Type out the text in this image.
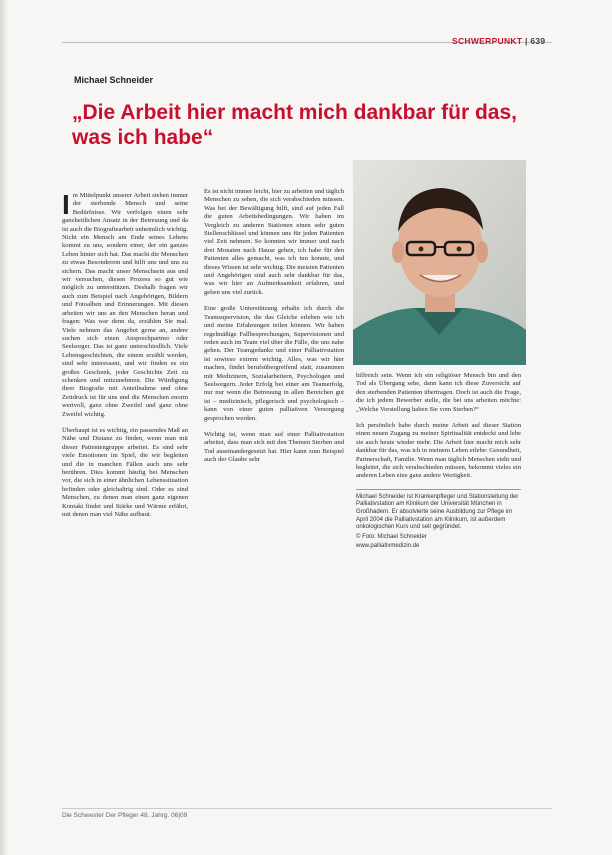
SCHWERPUNKT | 639
Michael Schneider
„Die Arbeit hier macht mich dankbar für das, was ich habe“

Im Mittelpunkt unserer Arbeit stehen immer der sterbende Mensch und seine Bedürfnisse. Wir verfolgen einen sehr ganzheitlichen Ansatz in der Betreuung und da ist auch die Biografiearbeit unheimlich wichtig. Nicht ein Mensch am Ende seines Lebens kommt zu uns, sondern einer, der ein ganzes Leben hinter sich hat. Das macht die Menschen zu etwas Besonderem und hilft uns und uns zu sichern. Das macht unser Menschsein aus und wir versuchen, diesen Prozess so gut wie möglich zu unterstützen. Deshalb fragen wir auch zum Beispiel nach Angehörigen, Bildern und Fotoalben und Erinnerungen. Mit diesen arbeiten wir uns an den Menschen heran und fragen: Was war denn da, erzählen Sie mal. Viele nehmen das Angebot gerne an, andere suchen sich einen Ansprechpartner oder Seelsorger. Das ist ganz unterschiedlich. Viele Lebensgeschichten, die einem erzählt werden, sind sehr interessant, und wir finden es ein großes Geschenk, jeder Geschichte Zeit zu schenken und mitzunehmen. Die Würdigung ihrer Biografie mit Anteilnahme und ohne Zeitdruck ist für uns und die Menschen enorm wertvoll, ganz ohne Zweifel und ganz ohne Zweifel wichtig.

Überhaupt ist es wichtig, ein passendes Maß an Nähe und Distanz zu finden, wenn man mit dieser Patientengruppe arbeitet. Es sind sehr viele Emotionen im Spiel, die wir begleiten und die in manchen Fällen auch uns sehr berühren. Dies kommt häufig bei Menschen vor, die sich in einer ähnlichen Lebenssituation befinden oder gleichaltrig sind. Oder es sind Menschen, zu denen man einen ganz eigenen Kontakt findet und Stärke und Wärme erfährt, mit denen man viel Nähe aufbaut.

Es ist nicht immer leicht, hier zu arbeiten und täglich Menschen zu sehen, die sich verabschieden müssen. Was bei der Bewältigung hilft, sind auf jeden Fall die guten Arbeitsbedingungen. Wir haben im Vergleich zu anderen Stationen einen sehr guten Stellenschlüssel und können uns für jeden Patienten viel Zeit nehmen. So konnten wir immer und nach drei Monaten nach Hause gehen, ich habe für den Patienten alles gemacht, was ich tun konnte, und dieses Wissen ist sehr wichtig. Die meisten Patienten und Angehörigen sind auch sehr dankbar für das, was wir hier an Aufmerksamkeit erfahren, und geben uns viel zurück.

Eine große Unterstützung erhalte ich durch die Teamsupervision, die das Gleiche erleben wie ich und meine Erfahrungen teilen können. Wir haben regelmäßige Fallbesprechungen, Supervisionen und reden auch im Team viel über die Fälle, die uns nahe gehen. Der Teamgedanke und einer Palliativstation ist sowieso extrem wichtig. Alles, was wir hier machen, findet berufsübergreifend statt, zusammen mit Medizinern, Sozialarbeitern, Psychologen und Seelsorgern. Jeder Erfolg bei einer am Teamerfolg, nur nur wenn die Betreuung in allen Bereichen gut ist – medizinisch, pflegerisch und psychologisch – kann von einer guten palliativen Versorgung gesprochen werden.

Wichtig ist, wenn man auf einer Palliativstation arbeitet, dass man sich mit den Themen Sterben und Tod auseinandergesetzt hat. Hier kann zum Beispiel auch der Glaube sehr

hilfreich sein. Wenn ich ein religiöser Mensch bin und den Tod als Übergang sehe, dann kann ich diese Zuversicht auf den sterbenden Patienten übertragen. Doch ist auch die Frage, die ich jedem Bewerber stelle, die bei uns arbeiten möchte: „Welche Vorstellung haben Sie vom Sterben?“

Ich persönlich habe durch meine Arbeit auf dieser Station einen neuen Zugang zu meiner Spiritualität entdeckt und lebe sie auch heute wieder mehr. Die Arbeit hier macht mich sehr dankbar für das, was ich in meinem Leben erlebe: Gesundheit, Partnerschaft, Familie. Wenn man täglich Menschen sieht und begleitet, die sich verabschieden müssen, bekommt vieles ein anderen Leben eine ganz andere Wertigkeit.

Michael Schneider ist Krankenpfleger und Stationsleitung der Palliativstation am Klinikum der Universität München in Großhadern. Er absolvierte seine Ausbildung zur Pflege im April 2004 die Palliativstation am Klinikum, ist außerdem onkologischen Kurs und seit gegründet.

© Foto: Michael Schneider

www.palliativmedizin.de

Die Schwester Der Pfleger 48. Jahrg. 06|09
